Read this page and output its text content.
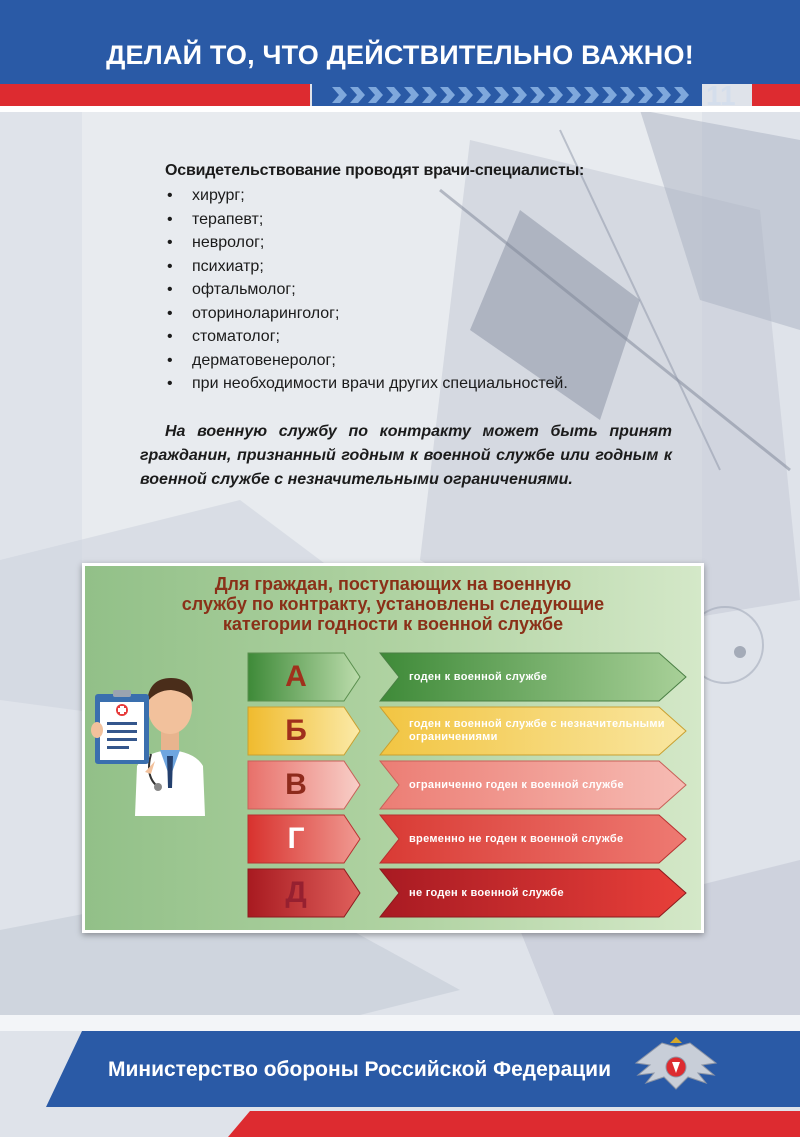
ДЕЛАЙ ТО, ЧТО ДЕЙСТВИТЕЛЬНО ВАЖНО!
11

Освидетельствование проводят врачи-специалисты:

• хирург;
• терапевт;
• невролог;
• психиатр;
• офтальмолог;
• оториноларинголог;
• стоматолог;
• дерматовенеролог;
• при необходимости врачи других специальностей.
На военную службу по контракту может быть принят гражданин, признанный годным к военной службе или годным к военной службе с незначительными ограничениями.
Для граждан, поступающих на военную
службу по контракту, установлены следующие
категории годности к военной службе
А	годен к военной службе
Б	годен к военной службе с незначительными ограничениями
В	ограниченно годен к военной службе
Г	временно не годен к военной службе
Д	не годен к военной службе
Министерство обороны Российской Федерации
